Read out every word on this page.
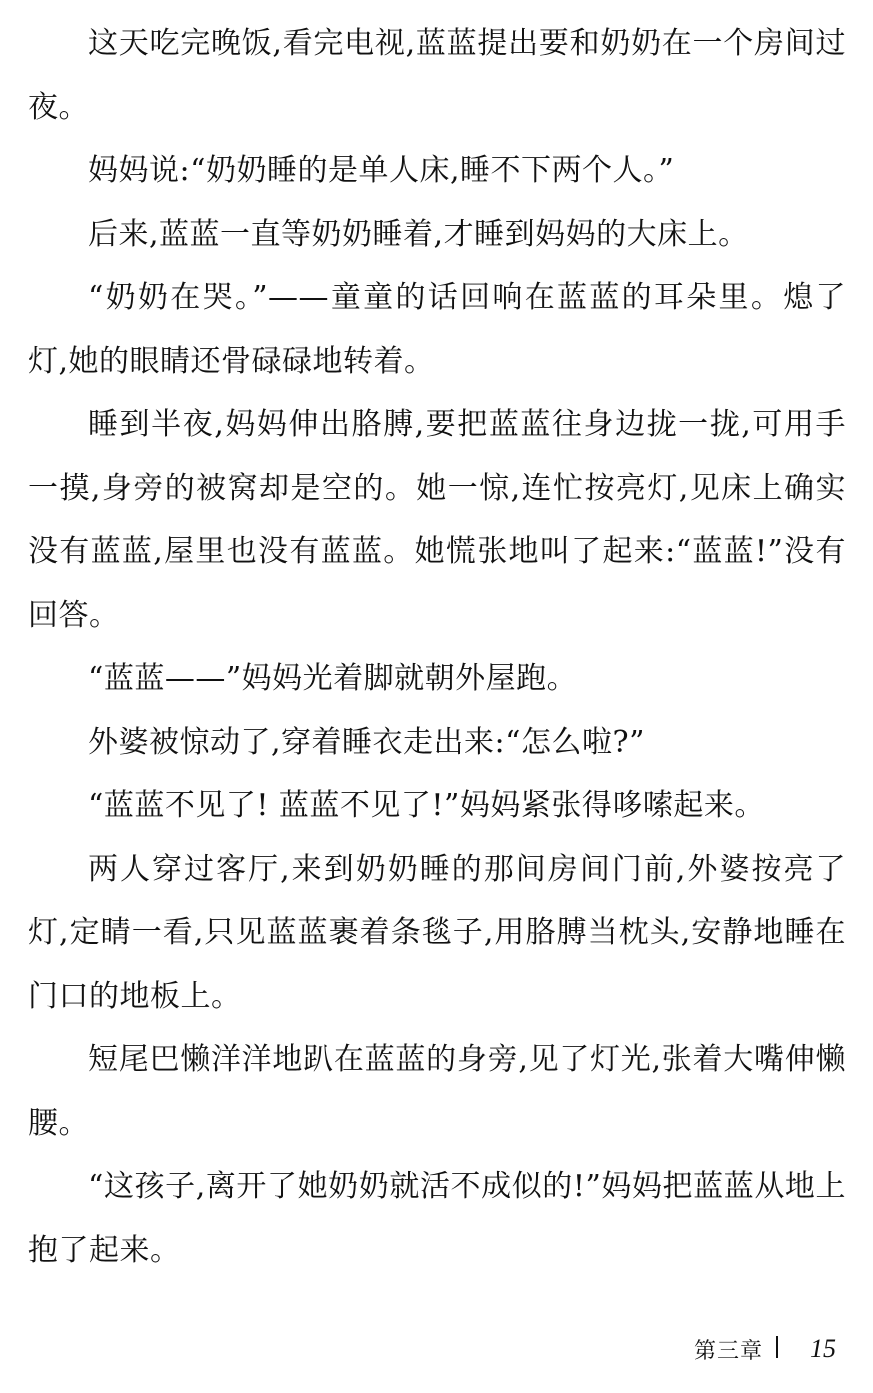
这天吃完晚饭,看完电视,蓝蓝提出要和奶奶在一个房间过夜。

妈妈说:“奶奶睡的是单人床,睡不下两个人。”

后来,蓝蓝一直等奶奶睡着,才睡到妈妈的大床上。

“奶奶在哭。”——童童的话回响在蓝蓝的耳朵里。熄了灯,她的眼睛还骨碌碌地转着。

睡到半夜,妈妈伸出胳膊,要把蓝蓝往身边拢一拢,可用手一摸,身旁的被窝却是空的。她一惊,连忙按亮灯,见床上确实没有蓝蓝,屋里也没有蓝蓝。她慌张地叫了起来:“蓝蓝!”没有回答。

“蓝蓝——”妈妈光着脚就朝外屋跑。

外婆被惊动了,穿着睡衣走出来:“怎么啦?”

“蓝蓝不见了! 蓝蓝不见了!”妈妈紧张得哆嗦起来。

两人穿过客厅,来到奶奶睡的那间房间门前,外婆按亮了灯,定睛一看,只见蓝蓝裹着条毯子,用胳膊当枕头,安静地睡在门口的地板上。

短尾巴懒洋洋地趴在蓝蓝的身旁,见了灯光,张着大嘴伸懒腰。

“这孩子,离开了她奶奶就活不成似的!”妈妈把蓝蓝从地上抱了起来。

第三章 15
